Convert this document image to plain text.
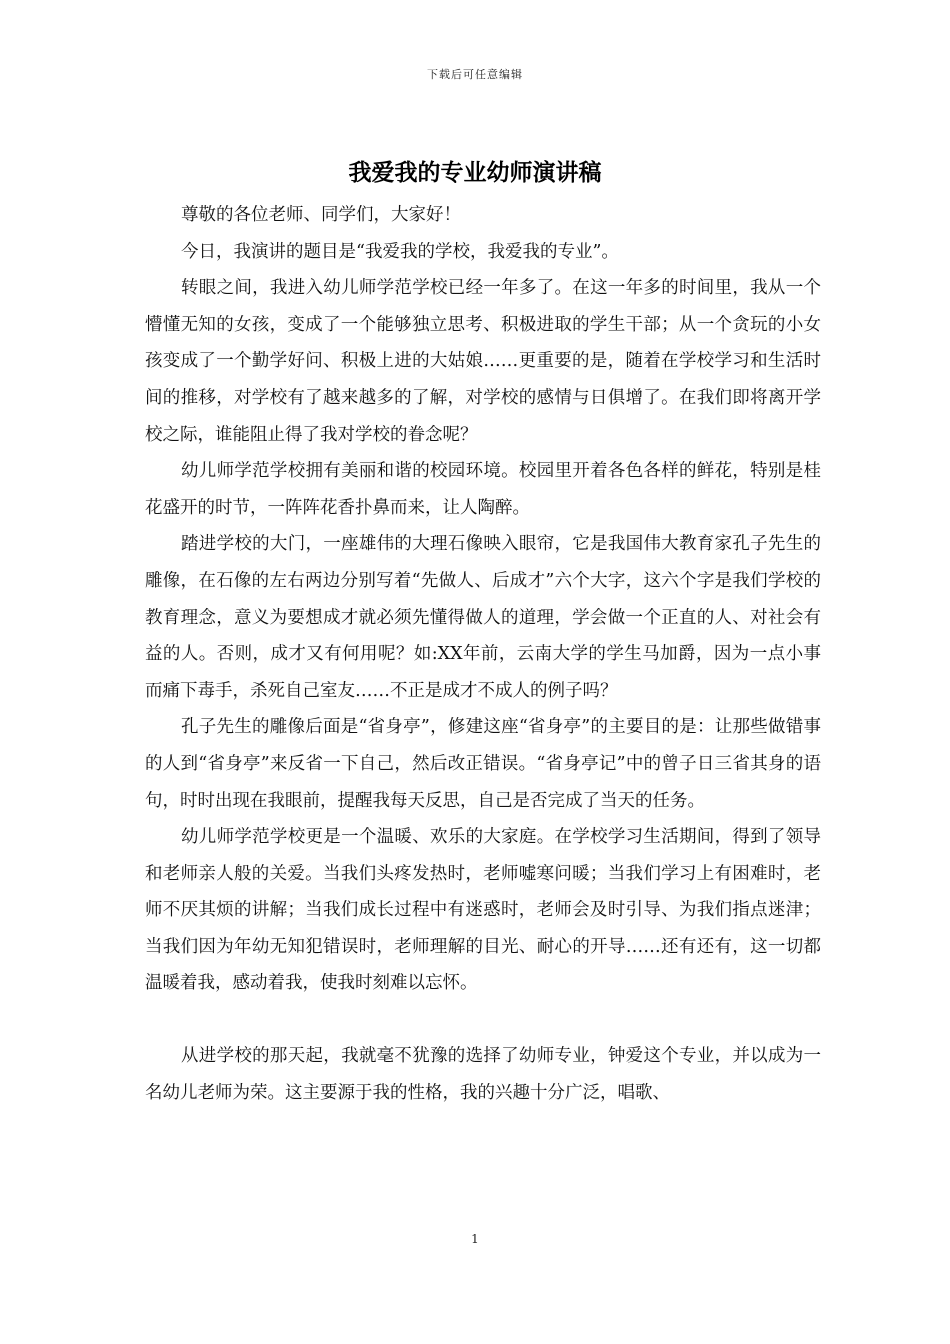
下载后可任意编辑
我爱我的专业幼师演讲稿

尊敬的各位老师、同学们，大家好！

今日，我演讲的题目是“我爱我的学校，我爱我的专业”。

转眼之间，我进入幼儿师学范学校已经一年多了。在这一年多的时间里，我从一个懵懂无知的女孩，变成了一个能够独立思考、积极进取的学生干部；从一个贪玩的小女孩变成了一个勤学好问、积极上进的大姑娘……更重要的是，随着在学校学习和生活时间的推移，对学校有了越来越多的了解，对学校的感情与日俱增了。在我们即将离开学校之际，谁能阻止得了我对学校的眷念呢？

幼儿师学范学校拥有美丽和谐的校园环境。校园里开着各色各样的鲜花，特别是桂花盛开的时节，一阵阵花香扑鼻而来，让人陶醉。

踏进学校的大门，一座雄伟的大理石像映入眼帘，它是我国伟大教育家孔子先生的雕像，在石像的左右两边分别写着“先做人、后成才”六个大字，这六个字是我们学校的教育理念，意义为要想成才就必须先懂得做人的道理，学会做一个正直的人、对社会有益的人。否则，成才又有何用呢？如:XX年前，云南大学的学生马加爵，因为一点小事而痛下毒手，杀死自己室友……不正是成才不成人的例子吗？

孔子先生的雕像后面是“省身亭”，修建这座“省身亭”的主要目的是：让那些做错事的人到“省身亭”来反省一下自己，然后改正错误。“省身亭记”中的曾子日三省其身的语句，时时出现在我眼前，提醒我每天反思，自己是否完成了当天的任务。

幼儿师学范学校更是一个温暖、欢乐的大家庭。在学校学习生活期间，得到了领导和老师亲人般的关爱。当我们头疼发热时，老师嘘寒问暖；当我们学习上有困难时，老师不厌其烦的讲解；当我们成长过程中有迷惑时，老师会及时引导、为我们指点迷津；当我们因为年幼无知犯错误时，老师理解的目光、耐心的开导……还有还有，这一切都温暖着我，感动着我，使我时刻难以忘怀。

从进学校的那天起，我就毫不犹豫的选择了幼师专业，钟爱这个专业，并以成为一名幼儿老师为荣。这主要源于我的性格，我的兴趣十分广泛，唱歌、

1
